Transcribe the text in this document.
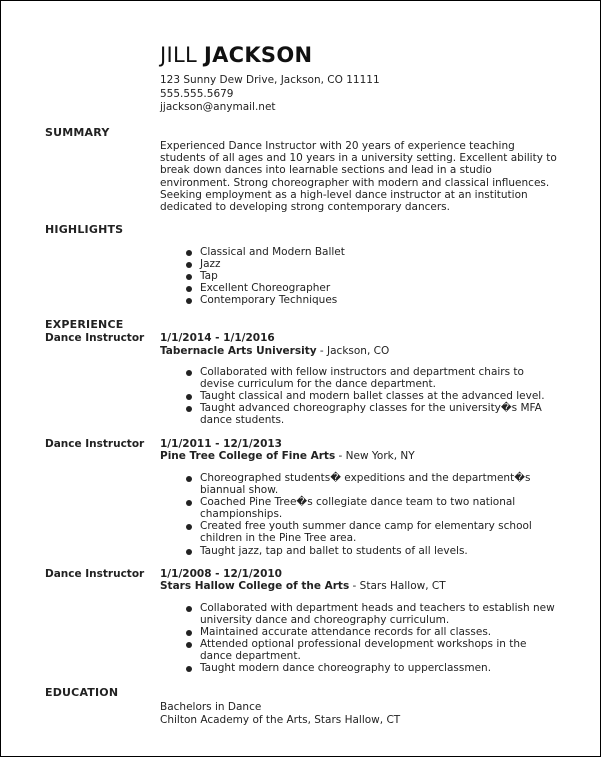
JILL JACKSON
123 Sunny Dew Drive, Jackson, CO 11111
555.555.5679
jjackson@anymail.net
SUMMARY
Experienced Dance Instructor with 20 years of experience teaching students of all ages and 10 years in a university setting. Excellent ability to break down dances into learnable sections and lead in a studio environment. Strong choreographer with modern and classical influences. Seeking employment as a high-level dance instructor at an institution dedicated to developing strong contemporary dancers.
HIGHLIGHTS
Classical and Modern Ballet
Jazz
Tap
Excellent Choreographer
Contemporary Techniques
EXPERIENCE
Dance Instructor 1/1/2014 - 1/1/2016
Tabernacle Arts University - Jackson, CO
Collaborated with fellow instructors and department chairs to devise curriculum for the dance department.
Taught classical and modern ballet classes at the advanced level.
Taught advanced choreography classes for the university�s MFA dance students.
Dance Instructor 1/1/2011 - 12/1/2013
Pine Tree College of Fine Arts - New York, NY
Choreographed students� expeditions and the department�s biannual show.
Coached Pine Tree�s collegiate dance team to two national championships.
Created free youth summer dance camp for elementary school children in the Pine Tree area.
Taught jazz, tap and ballet to students of all levels.
Dance Instructor 1/1/2008 - 12/1/2010
Stars Hallow College of the Arts - Stars Hallow, CT
Collaborated with department heads and teachers to establish new university dance and choreography curriculum.
Maintained accurate attendance records for all classes.
Attended optional professional development workshops in the dance department.
Taught modern dance choreography to upperclassmen.
EDUCATION
Bachelors in Dance
Chilton Academy of the Arts, Stars Hallow, CT
